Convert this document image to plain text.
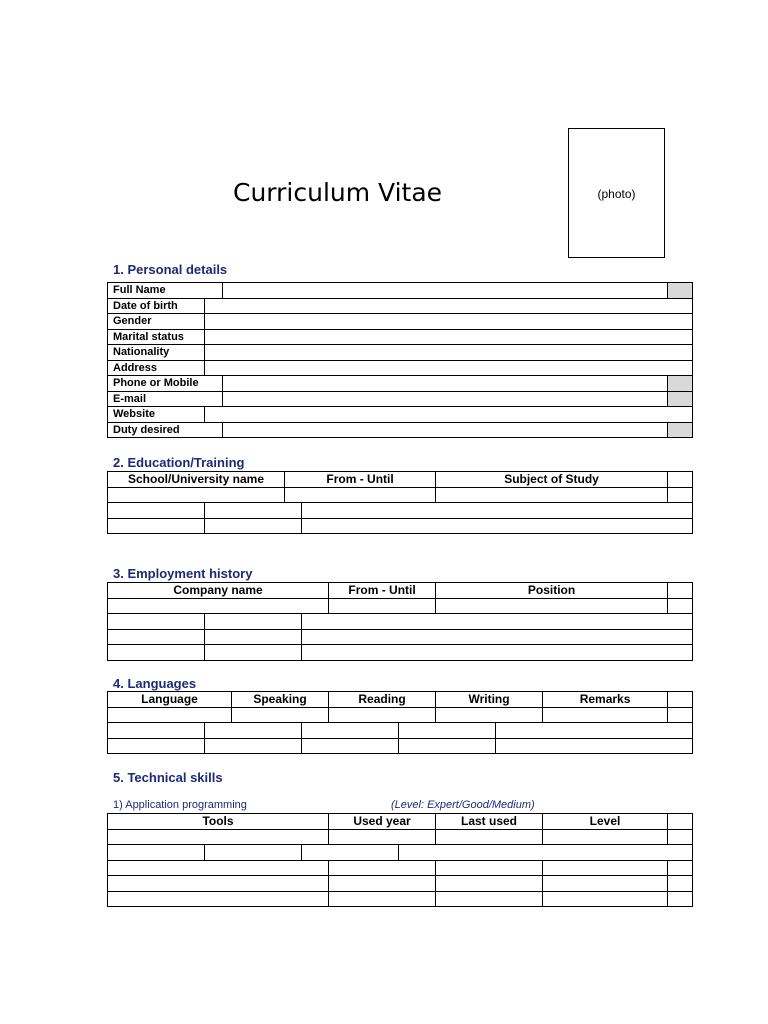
Curriculum Vitae	(photo)
1. Personal details
Full Name			
Date of birth			
Gender			
Marital status			
Nationality			
Address			
Phone or Mobile			
E-mail			
Website			
Duty desired			
2. Education/Training
School/University name		From - Until		Subject of Study	

3. Employment history
Company name			From - Until	Position	

4. Languages
Language		Speaking		Reading		Writing		Remarks	

5. Technical skills
1) Application programming	(Level: Expert/Good/Medium)
Tools			Used year		Last used	Level	
